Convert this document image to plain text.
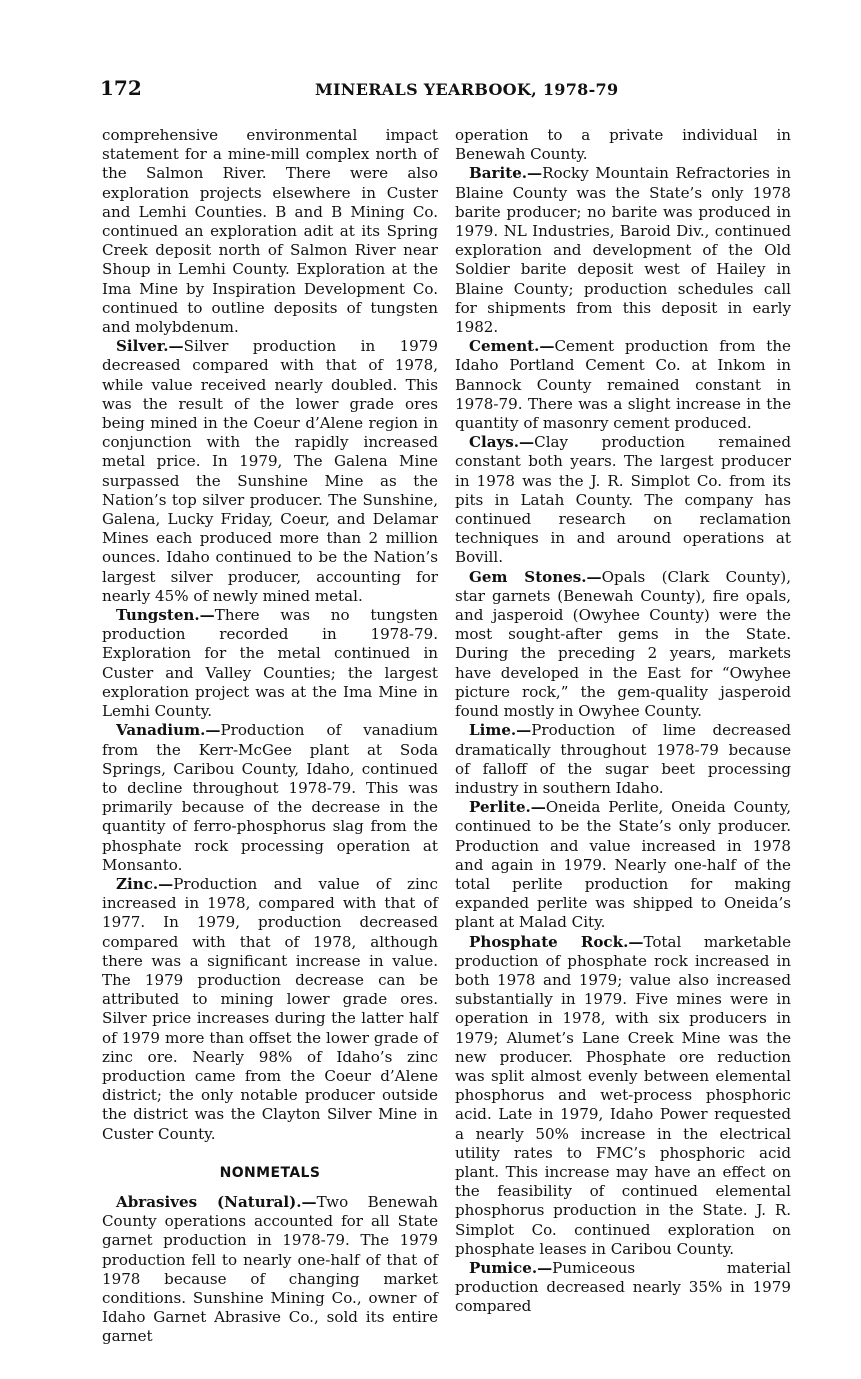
172	MINERALS YEARBOOK, 1978-79

comprehensive environmental impact statement for a mine-mill complex north of the Salmon River. There were also exploration projects elsewhere in Custer and Lemhi Counties. B and B Mining Co. continued an exploration adit at its Spring Creek deposit north of Salmon River near Shoup in Lemhi County. Exploration at the Ima Mine by Inspiration Development Co. continued to outline deposits of tungsten and molybdenum.

Silver.—Silver production in 1979 decreased compared with that of 1978, while value received nearly doubled. This was the result of the lower grade ores being mined in the Coeur d’Alene region in conjunction with the rapidly increased metal price. In 1979, The Galena Mine surpassed the Sunshine Mine as the Nation’s top silver producer. The Sunshine, Galena, Lucky Friday, Coeur, and Delamar Mines each produced more than 2 million ounces. Idaho continued to be the Nation’s largest silver producer, accounting for nearly 45% of newly mined metal.

Tungsten.—There was no tungsten production recorded in 1978-79. Exploration for the metal continued in Custer and Valley Counties; the largest exploration project was at the Ima Mine in Lemhi County.

Vanadium.—Production of vanadium from the Kerr-McGee plant at Soda Springs, Caribou County, Idaho, continued to decline throughout 1978-79. This was primarily because of the decrease in the quantity of ferro-phosphorus slag from the phosphate rock processing operation at Monsanto.

Zinc.—Production and value of zinc increased in 1978, compared with that of 1977. In 1979, production decreased compared with that of 1978, although there was a significant increase in value. The 1979 production decrease can be attributed to mining lower grade ores. Silver price increases during the latter half of 1979 more than offset the lower grade of zinc ore. Nearly 98% of Idaho’s zinc production came from the Coeur d’Alene district; the only notable producer outside the district was the Clayton Silver Mine in Custer County.

NONMETALS

Abrasives (Natural).—Two Benewah County operations accounted for all State garnet production in 1978-79. The 1979 production fell to nearly one-half of that of 1978 because of changing market conditions. Sunshine Mining Co., owner of Idaho Garnet Abrasive Co., sold its entire garnet

operation to a private individual in Benewah County.

Barite.—Rocky Mountain Refractories in Blaine County was the State’s only 1978 barite producer; no barite was produced in 1979. NL Industries, Baroid Div., continued exploration and development of the Old Soldier barite deposit west of Hailey in Blaine County; production schedules call for shipments from this deposit in early 1982.

Cement.—Cement production from the Idaho Portland Cement Co. at Inkom in Bannock County remained constant in 1978-79. There was a slight increase in the quantity of masonry cement produced.

Clays.—Clay production remained constant both years. The largest producer in 1978 was the J. R. Simplot Co. from its pits in Latah County. The company has continued research on reclamation techniques in and around operations at Bovill.

Gem Stones.—Opals (Clark County), star garnets (Benewah County), fire opals, and jasperoid (Owyhee County) were the most sought-after gems in the State. During the preceding 2 years, markets have developed in the East for “Owyhee picture rock,” the gem-quality jasperoid found mostly in Owyhee County.

Lime.—Production of lime decreased dramatically throughout 1978-79 because of falloff of the sugar beet processing industry in southern Idaho.

Perlite.—Oneida Perlite, Oneida County, continued to be the State’s only producer. Production and value increased in 1978 and again in 1979. Nearly one-half of the total perlite production for making expanded perlite was shipped to Oneida’s plant at Malad City.

Phosphate Rock.—Total marketable production of phosphate rock increased in both 1978 and 1979; value also increased substantially in 1979. Five mines were in operation in 1978, with six producers in 1979; Alumet’s Lane Creek Mine was the new producer. Phosphate ore reduction was split almost evenly between elemental phosphorus and wet-process phosphoric acid. Late in 1979, Idaho Power requested a nearly 50% increase in the electrical utility rates to FMC’s phosphoric acid plant. This increase may have an effect on the feasibility of continued elemental phosphorus production in the State. J. R. Simplot Co. continued exploration on phosphate leases in Caribou County.

Pumice.—Pumiceous material production decreased nearly 35% in 1979 compared
